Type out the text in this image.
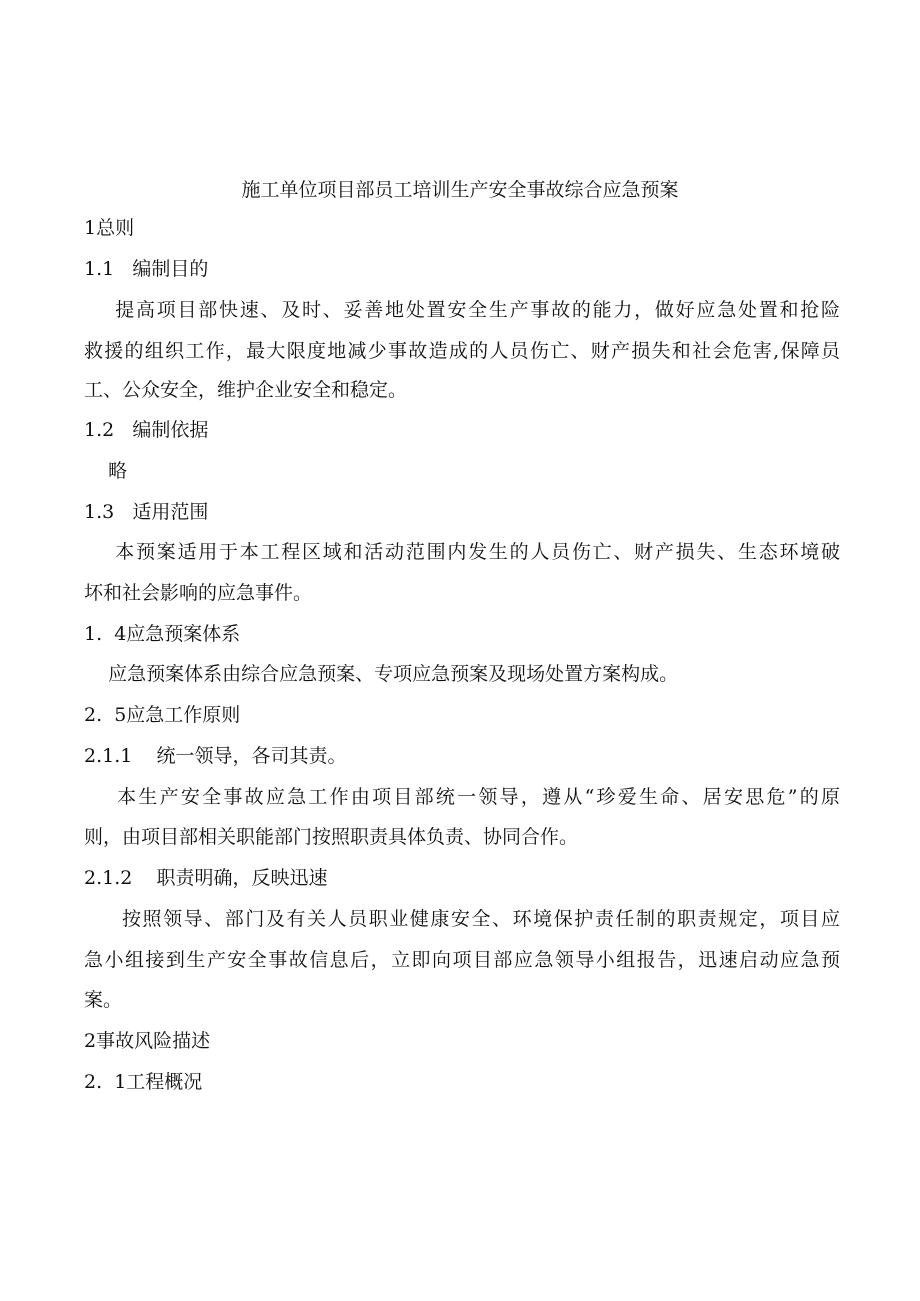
施工单位项目部员工培训生产安全事故综合应急预案
1总则
1.1   编制目的
提高项目部快速、及时、妥善地处置安全生产事故的能力，做好应急处置和抢险
救援的组织工作，最大限度地减少事故造成的人员伤亡、财产损失和社会危害,保障员
工、公众安全，维护企业安全和稳定。
1.2   编制依据
略
1.3   适用范围
本预案适用于本工程区域和活动范围内发生的人员伤亡、财产损失、生态环境破
坏和社会影响的应急事件。
1.  4应急预案体系
应急预案体系由综合应急预案、专项应急预案及现场处置方案构成。
2.  5应急工作原则
2.1.1    统一领导，各司其责。
本生产安全事故应急工作由项目部统一领导，遵从“珍爱生命、居安思危”的原
则，由项目部相关职能部门按照职责具体负责、协同合作。
2.1.2    职责明确，反映迅速
按照领导、部门及有关人员职业健康安全、环境保护责任制的职责规定，项目应
急小组接到生产安全事故信息后，立即向项目部应急领导小组报告，迅速启动应急预
案。
2事故风险描述
2.  1工程概况
